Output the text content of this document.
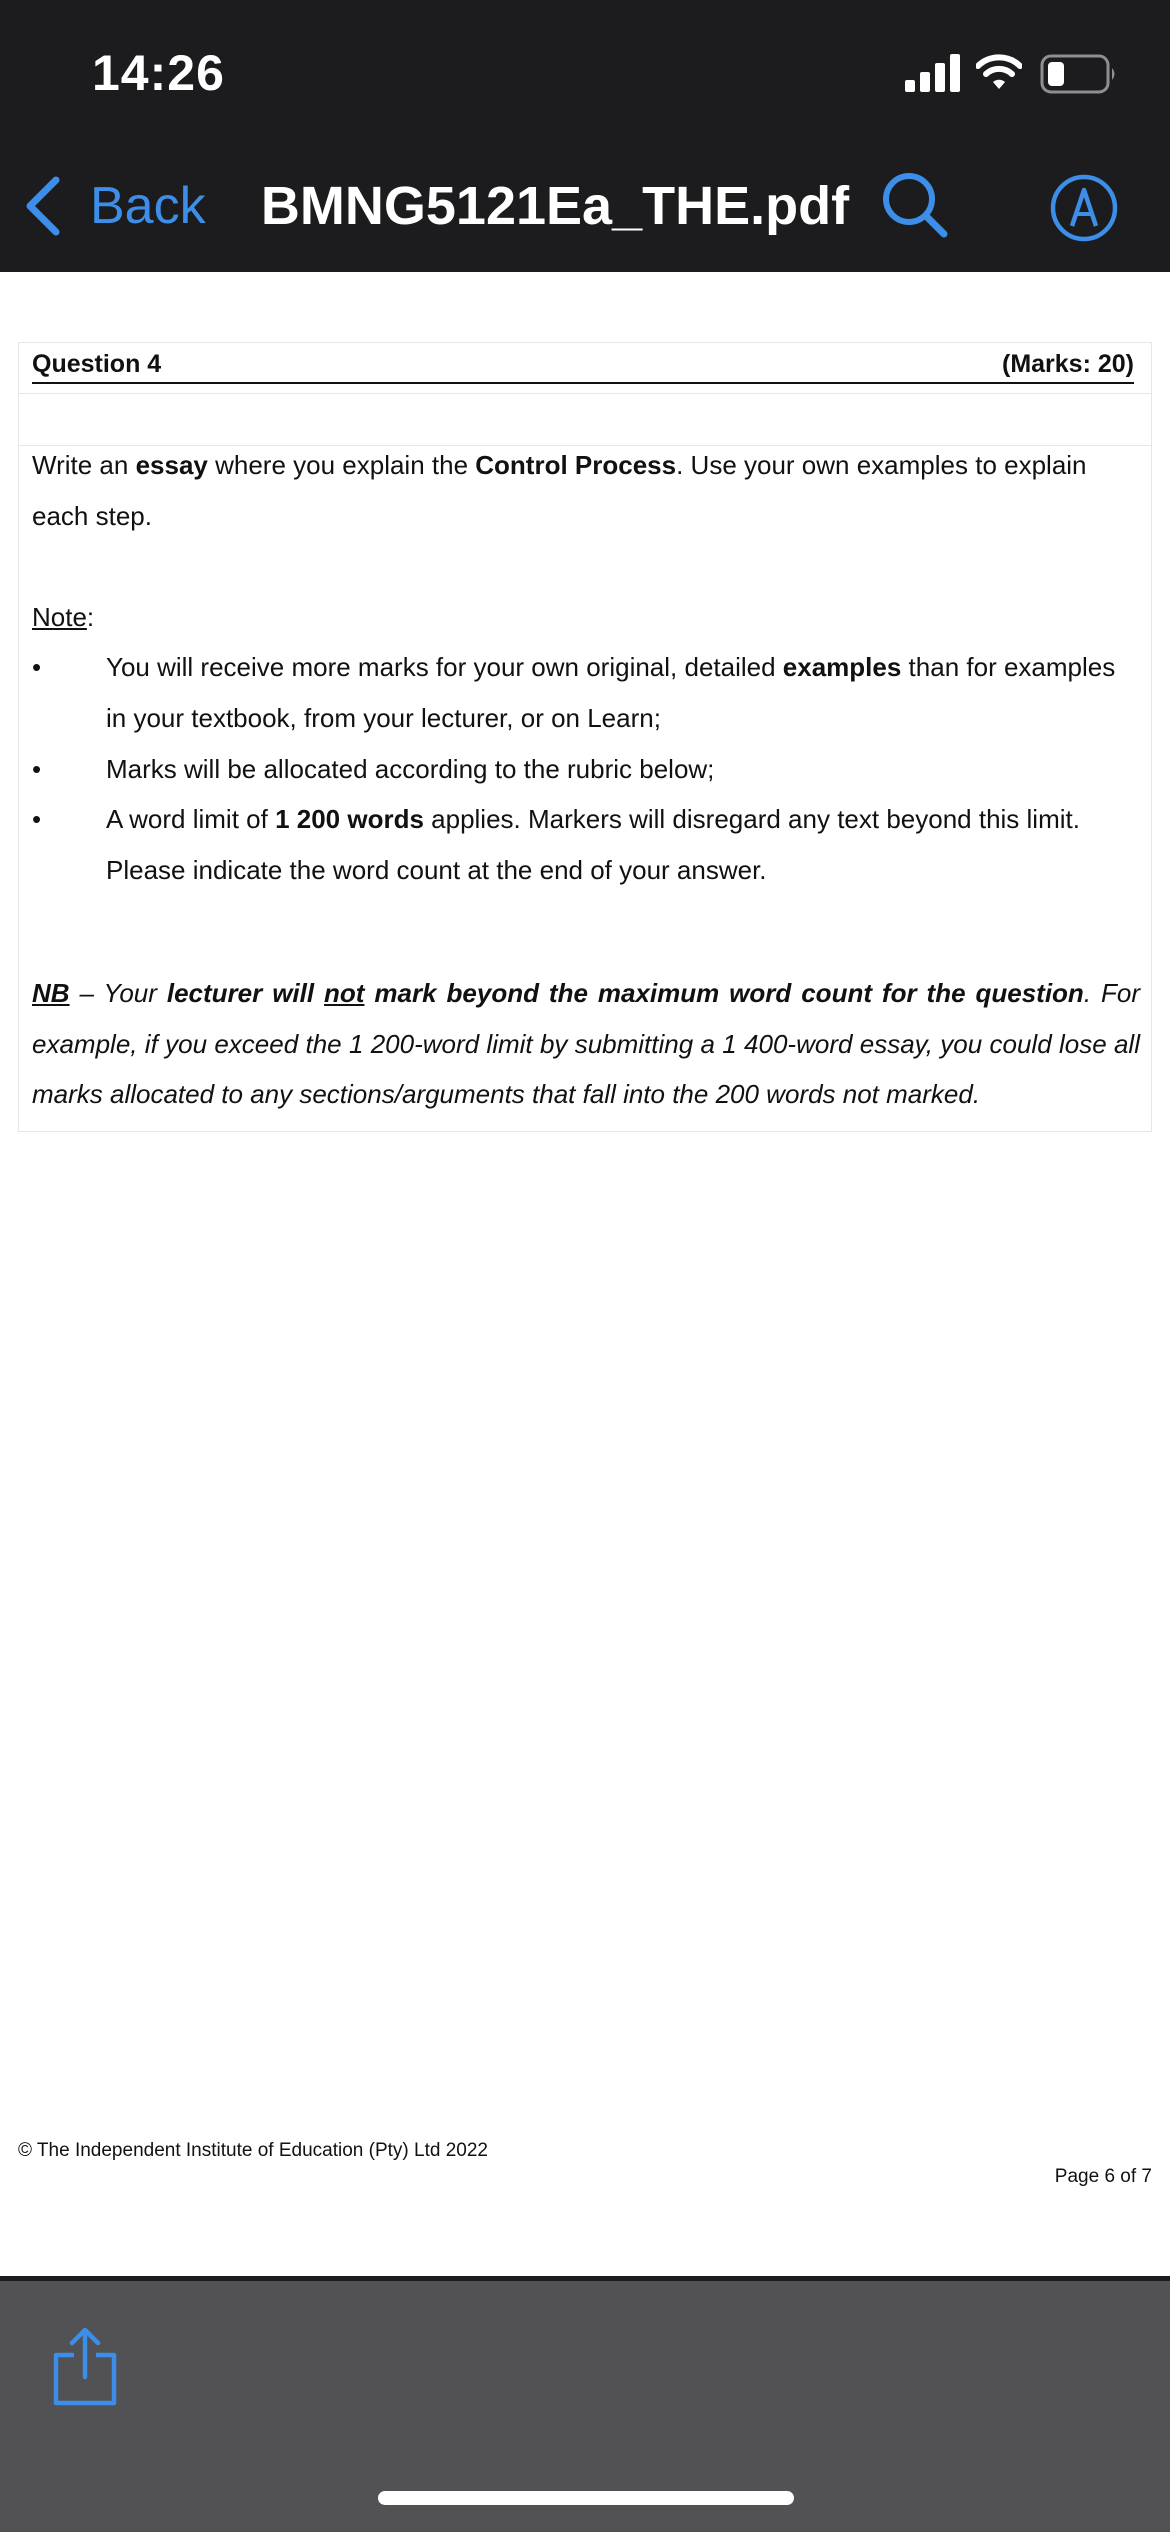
14:26
Back	BMNG5121Ea_THE.pdf
Question 4	(Marks: 20)
Write an essay where you explain the Control Process. Use your own examples to explain each step.
Note:
•	You will receive more marks for your own original, detailed examples than for examples in your textbook, from your lecturer, or on Learn;
•	Marks will be allocated according to the rubric below;
•	A word limit of 1 200 words applies. Markers will disregard any text beyond this limit. Please indicate the word count at the end of your answer.
NB – Your lecturer will not mark beyond the maximum word count for the question. For example, if you exceed the 1 200-word limit by submitting a 1 400-word essay, you could lose all marks allocated to any sections/arguments that fall into the 200 words not marked.
© The Independent Institute of Education (Pty) Ltd 2022
Page 6 of 7
